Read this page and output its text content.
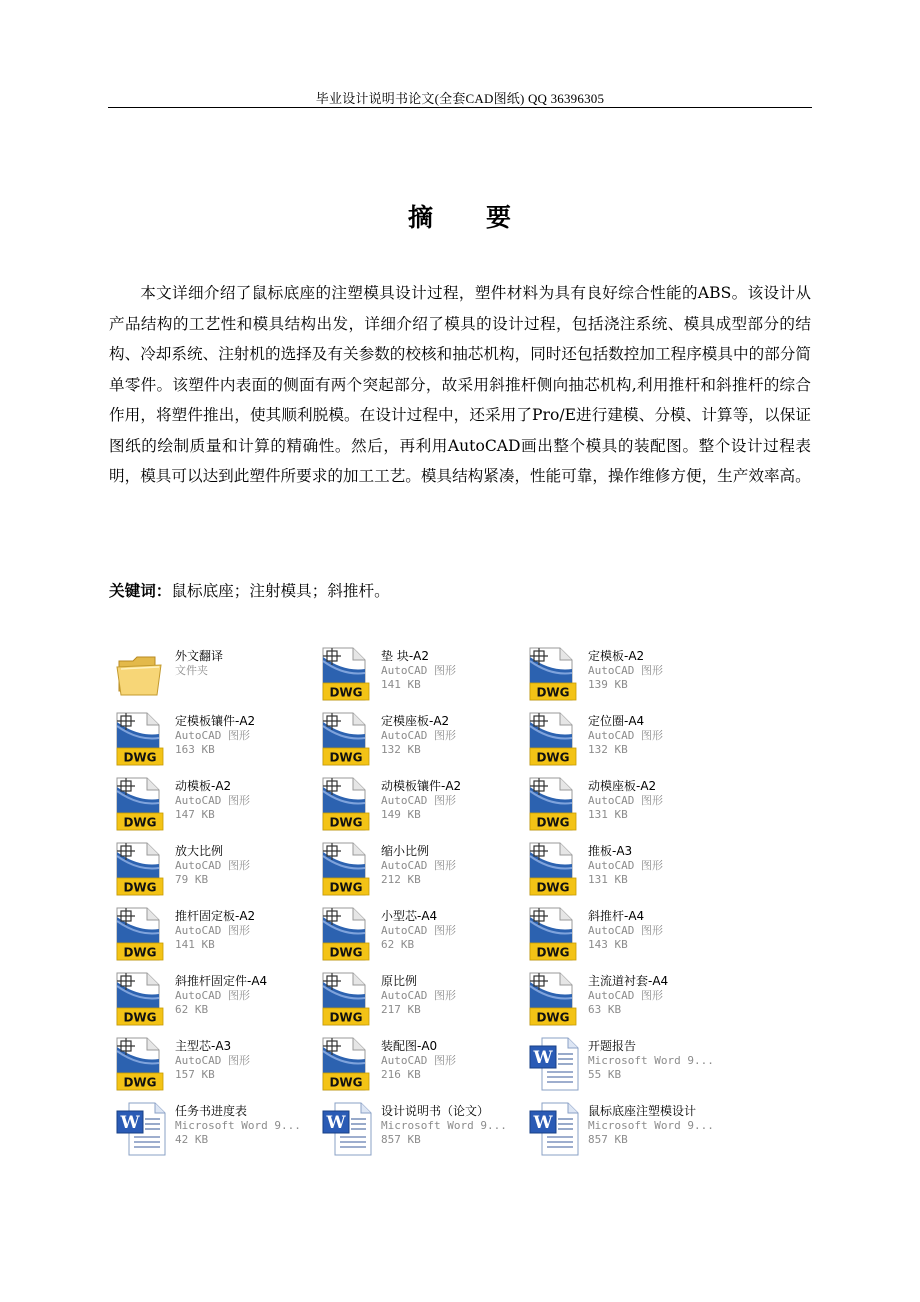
毕业设计说明书论文(全套CAD图纸) QQ 36396305
摘 要

本文详细介绍了鼠标底座的注塑模具设计过程，塑件材料为具有良好综合性能的ABS。该设计从产品结构的工艺性和模具结构出发，详细介绍了模具的设计过程，包括浇注系统、模具成型部分的结构、冷却系统、注射机的选择及有关参数的校核和抽芯机构，同时还包括数控加工程序模具中的部分简单零件。该塑件内表面的侧面有两个突起部分，故采用斜推杆侧向抽芯机构,利用推杆和斜推杆的综合作用，将塑件推出，使其顺利脱模。在设计过程中，还采用了Pro/E进行建模、分模、计算等，以保证图纸的绘制质量和计算的精确性。然后，再利用AutoCAD画出整个模具的装配图。整个设计过程表明，模具可以达到此塑件所要求的加工工艺。模具结构紧凑，性能可靠，操作维修方便，生产效率高。

关键词：鼠标底座；注射模具；斜推杆。
外文翻译
文件夹
DWG
垫 块-A2
AutoCAD 图形
141 KB
DWG
定模板-A2
AutoCAD 图形
139 KB
DWG
定模板镶件-A2
AutoCAD 图形
163 KB
DWG
定模座板-A2
AutoCAD 图形
132 KB
DWG
定位圈-A4
AutoCAD 图形
132 KB
DWG
动模板-A2
AutoCAD 图形
147 KB
DWG
动模板镶件-A2
AutoCAD 图形
149 KB
DWG
动模座板-A2
AutoCAD 图形
131 KB
DWG
放大比例
AutoCAD 图形
79 KB
DWG
缩小比例
AutoCAD 图形
212 KB
DWG
推板-A3
AutoCAD 图形
131 KB
DWG
推杆固定板-A2
AutoCAD 图形
141 KB
DWG
小型芯-A4
AutoCAD 图形
62 KB
DWG
斜推杆-A4
AutoCAD 图形
143 KB
DWG
斜推杆固定件-A4
AutoCAD 图形
62 KB
DWG
原比例
AutoCAD 图形
217 KB
DWG
主流道衬套-A4
AutoCAD 图形
63 KB
DWG
主型芯-A3
AutoCAD 图形
157 KB
DWG
装配图-A0
AutoCAD 图形
216 KB
W
开题报告
Microsoft Word 9...
55 KB
W
任务书进度表
Microsoft Word 9...
42 KB
W
设计说明书（论文）
Microsoft Word 9...
857 KB
W
鼠标底座注塑模设计
Microsoft Word 9...
857 KB
